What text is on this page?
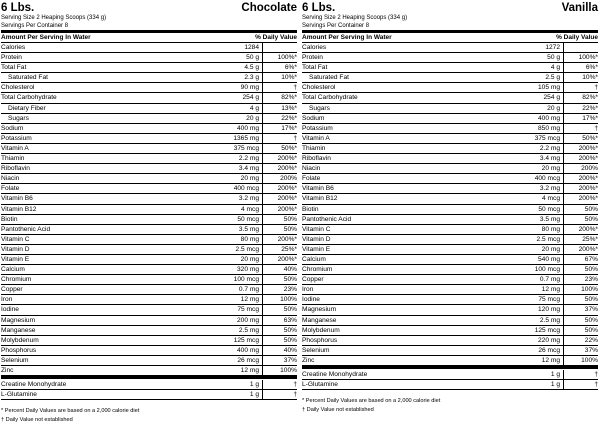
6 Lbs.	Chocolate
Serving Size 2 Heaping Scoops (334 g)
Servings Per Container 8
Amount Per Serving In Water	% Daily Value
Calories	1284
Protein	50 g	100%*
Total Fat	4.5 g	6%*
Saturated Fat	2.3 g	10%*
Cholesterol	90 mg	†
Total Carbohydrate	254 g	82%*
Dietary Fiber	4 g	13%*
Sugars	20 g	22%*
Sodium	400 mg	17%*
Potassium	1365 mg	†
Vitamin A	375 mcg	50%*
Thiamin	2.2 mg	200%*
Riboflavin	3.4 mg	200%*
Niacin	20 mg	200%
Folate	400 mcg	200%*
Vitamin B6	3.2 mg	200%*
Vitamin B12	4 mcg	200%*
Biotin	50 mcg	50%
Pantothenic Acid	3.5 mg	50%
Vitamin C	80 mg	200%*
Vitamin D	2.5 mcg	25%*
Vitamin E	20 mg	200%*
Calcium	320 mg	40%
Chromium	100 mcg	50%
Copper	0.7 mg	23%
Iron	12 mg	100%
Iodine	75 mcg	50%
Magnesium	200 mg	63%
Manganese	2.5 mg	50%
Molybdenum	125 mcg	50%
Phosphorus	400 mg	40%
Selenium	26 mcg	37%
Zinc	12 mg	100%
Creatine Monohydrate	1 g	†
L-Glutamine	1 g	†
* Percent Daily Values are based on a 2,000 calorie diet
† Daily Value not established
6 Lbs.	Vanilla
Serving Size 2 Heaping Scoops (334 g)
Servings Per Container 8
Amount Per Serving In Water	% Daily Value
Calories	1272
Protein	50 g	100%*
Total Fat	4 g	6%*
Saturated Fat	2.5 g	10%*
Cholesterol	105 mg	†
Total Carbohydrate	254 g	82%*
Sugars	20 g	22%*
Sodium	400 mg	17%*
Potassium	850 mg	†
Vitamin A	375 mcg	50%*
Thiamin	2.2 mg	200%*
Riboflavin	3.4 mg	200%*
Niacin	20 mg	200%
Folate	400 mcg	200%*
Vitamin B6	3.2 mg	200%*
Vitamin B12	4 mcg	200%*
Biotin	50 mcg	50%
Pantothenic Acid	3.5 mg	50%
Vitamin C	80 mg	200%*
Vitamin D	2.5 mcg	25%*
Vitamin E	20 mg	200%*
Calcium	540 mg	67%
Chromium	100 mcg	50%
Copper	0.7 mg	23%
Iron	12 mg	100%
Iodine	75 mcg	50%
Magnesium	120 mg	37%
Manganese	2.5 mg	50%
Molybdenum	125 mcg	50%
Phosphorus	220 mg	22%
Selenium	26 mcg	37%
Zinc	12 mg	100%
Creatine Monohydrate	1 g	†
L-Glutamine	1 g	†
* Percent Daily Values are based on a 2,000 calorie diet
† Daily Value not established
